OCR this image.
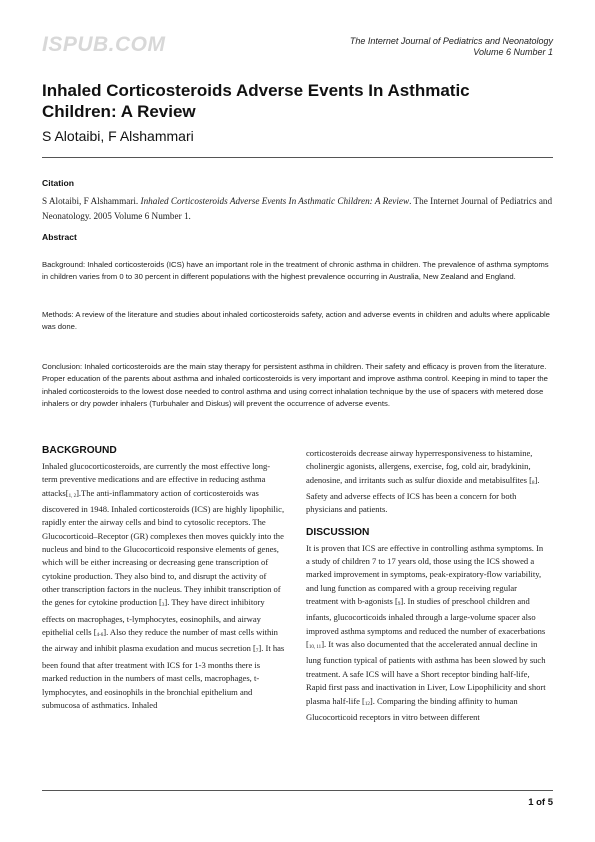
ISPUB.COM	The Internet Journal of Pediatrics and Neonatology
Volume 6 Number 1
Inhaled Corticosteroids Adverse Events In Asthmatic Children: A Review
S Alotaibi, F Alshammari
Citation

S Alotaibi, F Alshammari. Inhaled Corticosteroids Adverse Events In Asthmatic Children: A Review. The Internet Journal of Pediatrics and Neonatology. 2005 Volume 6 Number 1.

Abstract

Background: Inhaled corticosteroids (ICS) have an important role in the treatment of chronic asthma in children. The prevalence of asthma symptoms in children varies from 0 to 30 percent in different populations with the highest prevalence occurring in Australia, New Zealand and England.

Methods: A review of the literature and studies about inhaled corticosteroids safety, action and adverse events in children and adults where applicable was done.

Conclusion: Inhaled corticosteroids are the main stay therapy for persistent asthma in children. Their safety and efficacy is proven from the literature. Proper education of the parents about asthma and inhaled corticosteroids is very important and improve asthma control. Keeping in mind to taper the inhaled corticosteroids to the lowest dose needed to control asthma and using correct inhalation technique by the use of spacers with metered dose inhalers or dry powder inhalers (Turbuhaler and Diskus) will prevent the occurrence of adverse events.

BACKGROUND

Inhaled glucocorticosteroids, are currently the most effective long-term preventive medications and are effective in reducing asthma $attacks[_{1, 2}].The$ anti-inflammatory action of corticosteroids was discovered in 1948. Inhaled corticosteroids (ICS) are highly lipophilic, rapidly enter the airway cells and bind to cytosolic receptors. The Glucocorticoid–Receptor (GR) complexes then moves quickly into the nucleus and bind to the Glucocorticoid responsive elements of genes, which will be either increasing or decreasing gene transcription of cytokine production. They also bind to, and disrupt the activity of other transcription factors in the nucleus. They inhibit transcription of the genes for cytokine production $[_3]$. They have direct inhibitory effects on macrophages, t-lymphocytes, eosinophils, and airway epithelial cells $[_{4-6}]$. Also they reduce the number of mast cells within the airway and inhibit plasma exudation and mucus secretion $[_7]$. It has been found that after treatment with ICS for 1-3 months there is marked reduction in the numbers of mast cells, macrophages, t-lymphocytes, and eosinophils in the bronchial epithelium and submucosa of asthmatics. Inhaled

corticosteroids decrease airway hyperresponsiveness to histamine, cholinergic agonists, allergens, exercise, fog, cold air, bradykinin, adenosine, and irritants such as sulfur dioxide and metabisulfites $[_8]$. Safety and adverse effects of ICS has been a concern for both physicians and patients.

DISCUSSION

It is proven that ICS are effective in controlling asthma symptoms. In a study of children 7 to 17 years old, those using the ICS showed a marked improvement in symptoms, peak-expiratory-flow variability, and lung function as compared with a group receiving regular treatment with b-agonists $[_9]$. In studies of preschool children and infants, glucocorticoids inhaled through a large-volume spacer also improved asthma symptoms and reduced the number of exacerbations $[_{10, 11}]$. It was also documented that the accelerated annual decline in lung function typical of patients with asthma has been slowed by such treatment. A safe ICS will have a Short receptor binding half-life, Rapid first pass and inactivation in Liver, Low Lipophilicity and short plasma half-life $[_{12}]$. Comparing the binding affinity to human Glucocorticoid receptors in vitro between different

1 of 5
